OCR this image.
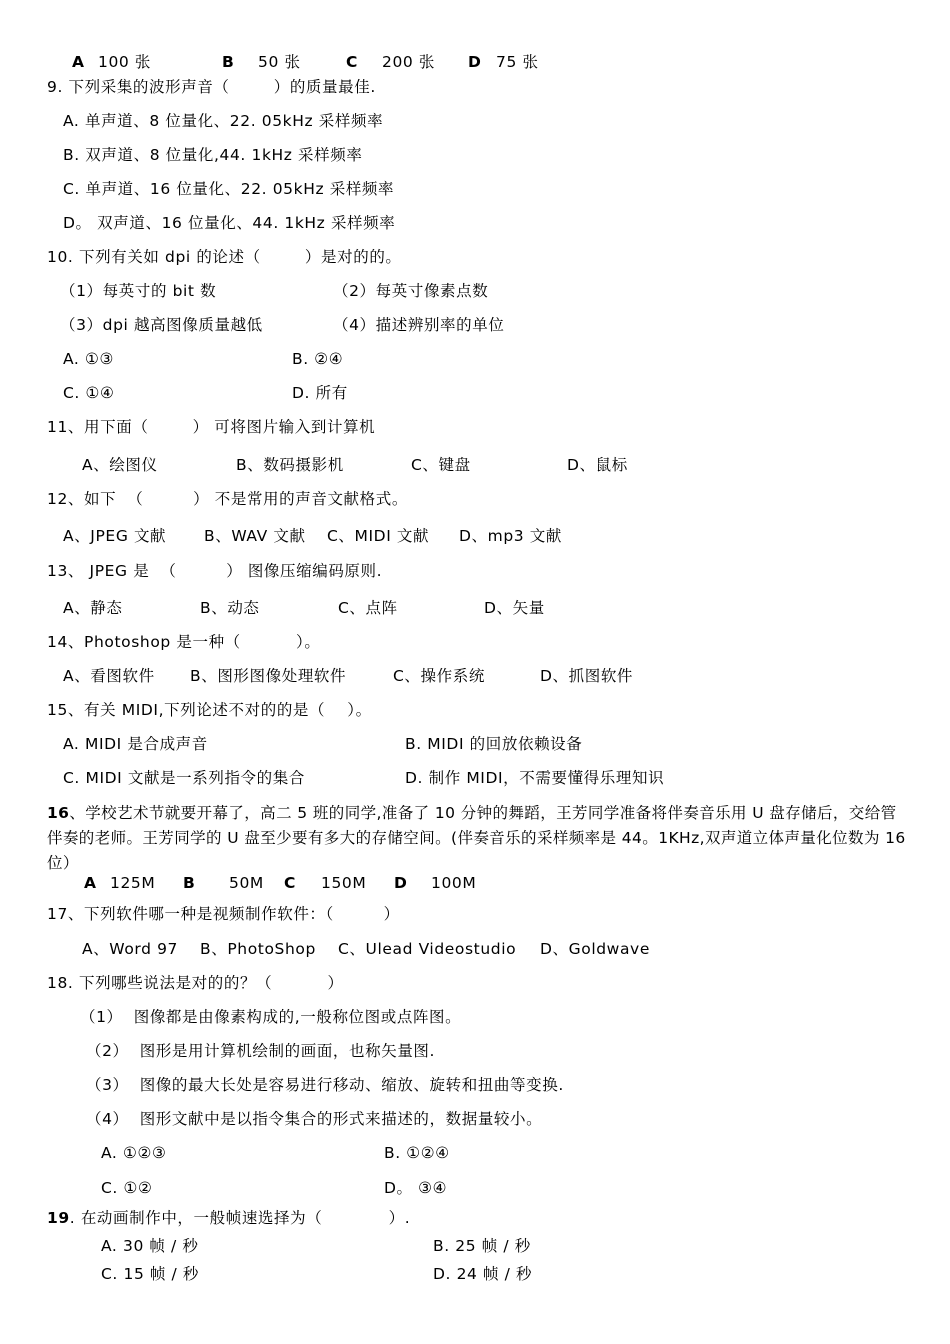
A 100 张	B 50 张	C 200 张 D 75 张
9. 下列采集的波形声音（        ）的质量最佳.
A. 单声道、8 位量化、22. 05kHz 采样频率
B. 双声道、8 位量化,44. 1kHz 采样频率
C. 单声道、16 位量化、22. 05kHz 采样频率
D。 双声道、16 位量化、44. 1kHz 采样频率
10. 下列有关如 dpi 的论述（        ）是对的的。
（1）每英寸的 bit 数	（2）每英寸像素点数
（3）dpi 越高图像质量越低	（4）描述辨别率的单位
A. ①③	B. ②④
C. ①④	D. 所有
11、用下面（        ） 可将图片输入到计算机
A、绘图仪	B、数码摄影机	C、键盘	D、鼠标
12、如下  （         ） 不是常用的声音文献格式。
A、JPEG 文献 B、WAV 文献 C、MIDI 文献 D、mp3 文献
13、 JPEG 是  （         ） 图像压缩编码原则.
A、静态	B、动态	C、点阵	D、矢量
14、Photoshop 是一种（          ）。
A、看图软件 B、图形图像处理软件	C、操作系统	D、抓图软件
15、有关 MIDI,下列论述不对的的是（    ）。
A. MIDI 是合成声音	B. MIDI 的回放依赖设备
C. MIDI 文献是一系列指令的集合	D. 制作 MIDI，不需要懂得乐理知识
16、学校艺术节就要开幕了，高二 5 班的同学,准备了 10 分钟的舞蹈，王芳同学准备将伴奏音乐用 U 盘存储后，交给管伴奏的老师。王芳同学的 U 盘至少要有多大的存储空间。(伴奏音乐的采样频率是 44。1KHz,双声道立体声量化位数为 16 位）
A 125M B 50M C 150M D 100M
17、下列软件哪一种是视频制作软件：（         ）
A、Word 97 B、PhotoShop C、Ulead Videostudio D、Goldwave
18. 下列哪些说法是对的的？（          ）
（1）  图像都是由像素构成的,一般称位图或点阵图。
（2）  图形是用计算机绘制的画面，也称矢量图.
（3）  图像的最大长处是容易进行移动、缩放、旋转和扭曲等变换.
（4）  图形文献中是以指令集合的形式来描述的，数据量较小。
A. ①②③	B. ①②④
C. ①②	D。 ③④
19. 在动画制作中，一般帧速选择为（            ）.
A. 30 帧 / 秒	B. 25 帧 / 秒
C. 15 帧 / 秒	D. 24 帧 / 秒
